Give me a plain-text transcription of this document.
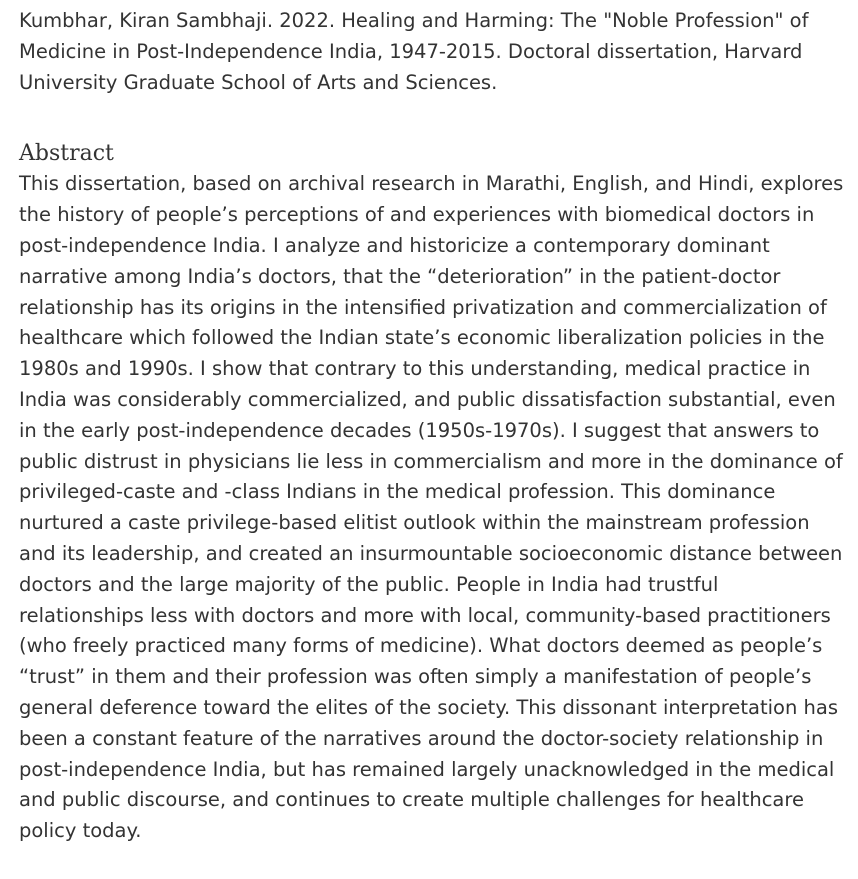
Kumbhar, Kiran Sambhaji. 2022. Healing and Harming: The "Noble Profession" of Medicine in Post-Independence India, 1947-2015. Doctoral dissertation, Harvard University Graduate School of Arts and Sciences.

Abstract

This dissertation, based on archival research in Marathi, English, and Hindi, explores the history of people’s perceptions of and experiences with biomedical doctors in post-independence India. I analyze and historicize a contemporary dominant narrative among India’s doctors, that the “deterioration” in the patient-doctor relationship has its origins in the intensified privatization and commercialization of healthcare which followed the Indian state’s economic liberalization policies in the 1980s and 1990s. I show that contrary to this understanding, medical practice in India was considerably commercialized, and public dissatisfaction substantial, even in the early post-independence decades (1950s-1970s). I suggest that answers to public distrust in physicians lie less in commercialism and more in the dominance of privileged-caste and -class Indians in the medical profession. This dominance nurtured a caste privilege-based elitist outlook within the mainstream profession and its leadership, and created an insurmountable socioeconomic distance between doctors and the large majority of the public. People in India had trustful relationships less with doctors and more with local, community-based practitioners (who freely practiced many forms of medicine). What doctors deemed as people’s “trust” in them and their profession was often simply a manifestation of people’s general deference toward the elites of the society. This dissonant interpretation has been a constant feature of the narratives around the doctor-society relationship in post-independence India, but has remained largely unacknowledged in the medical and public discourse, and continues to create multiple challenges for healthcare policy today.
